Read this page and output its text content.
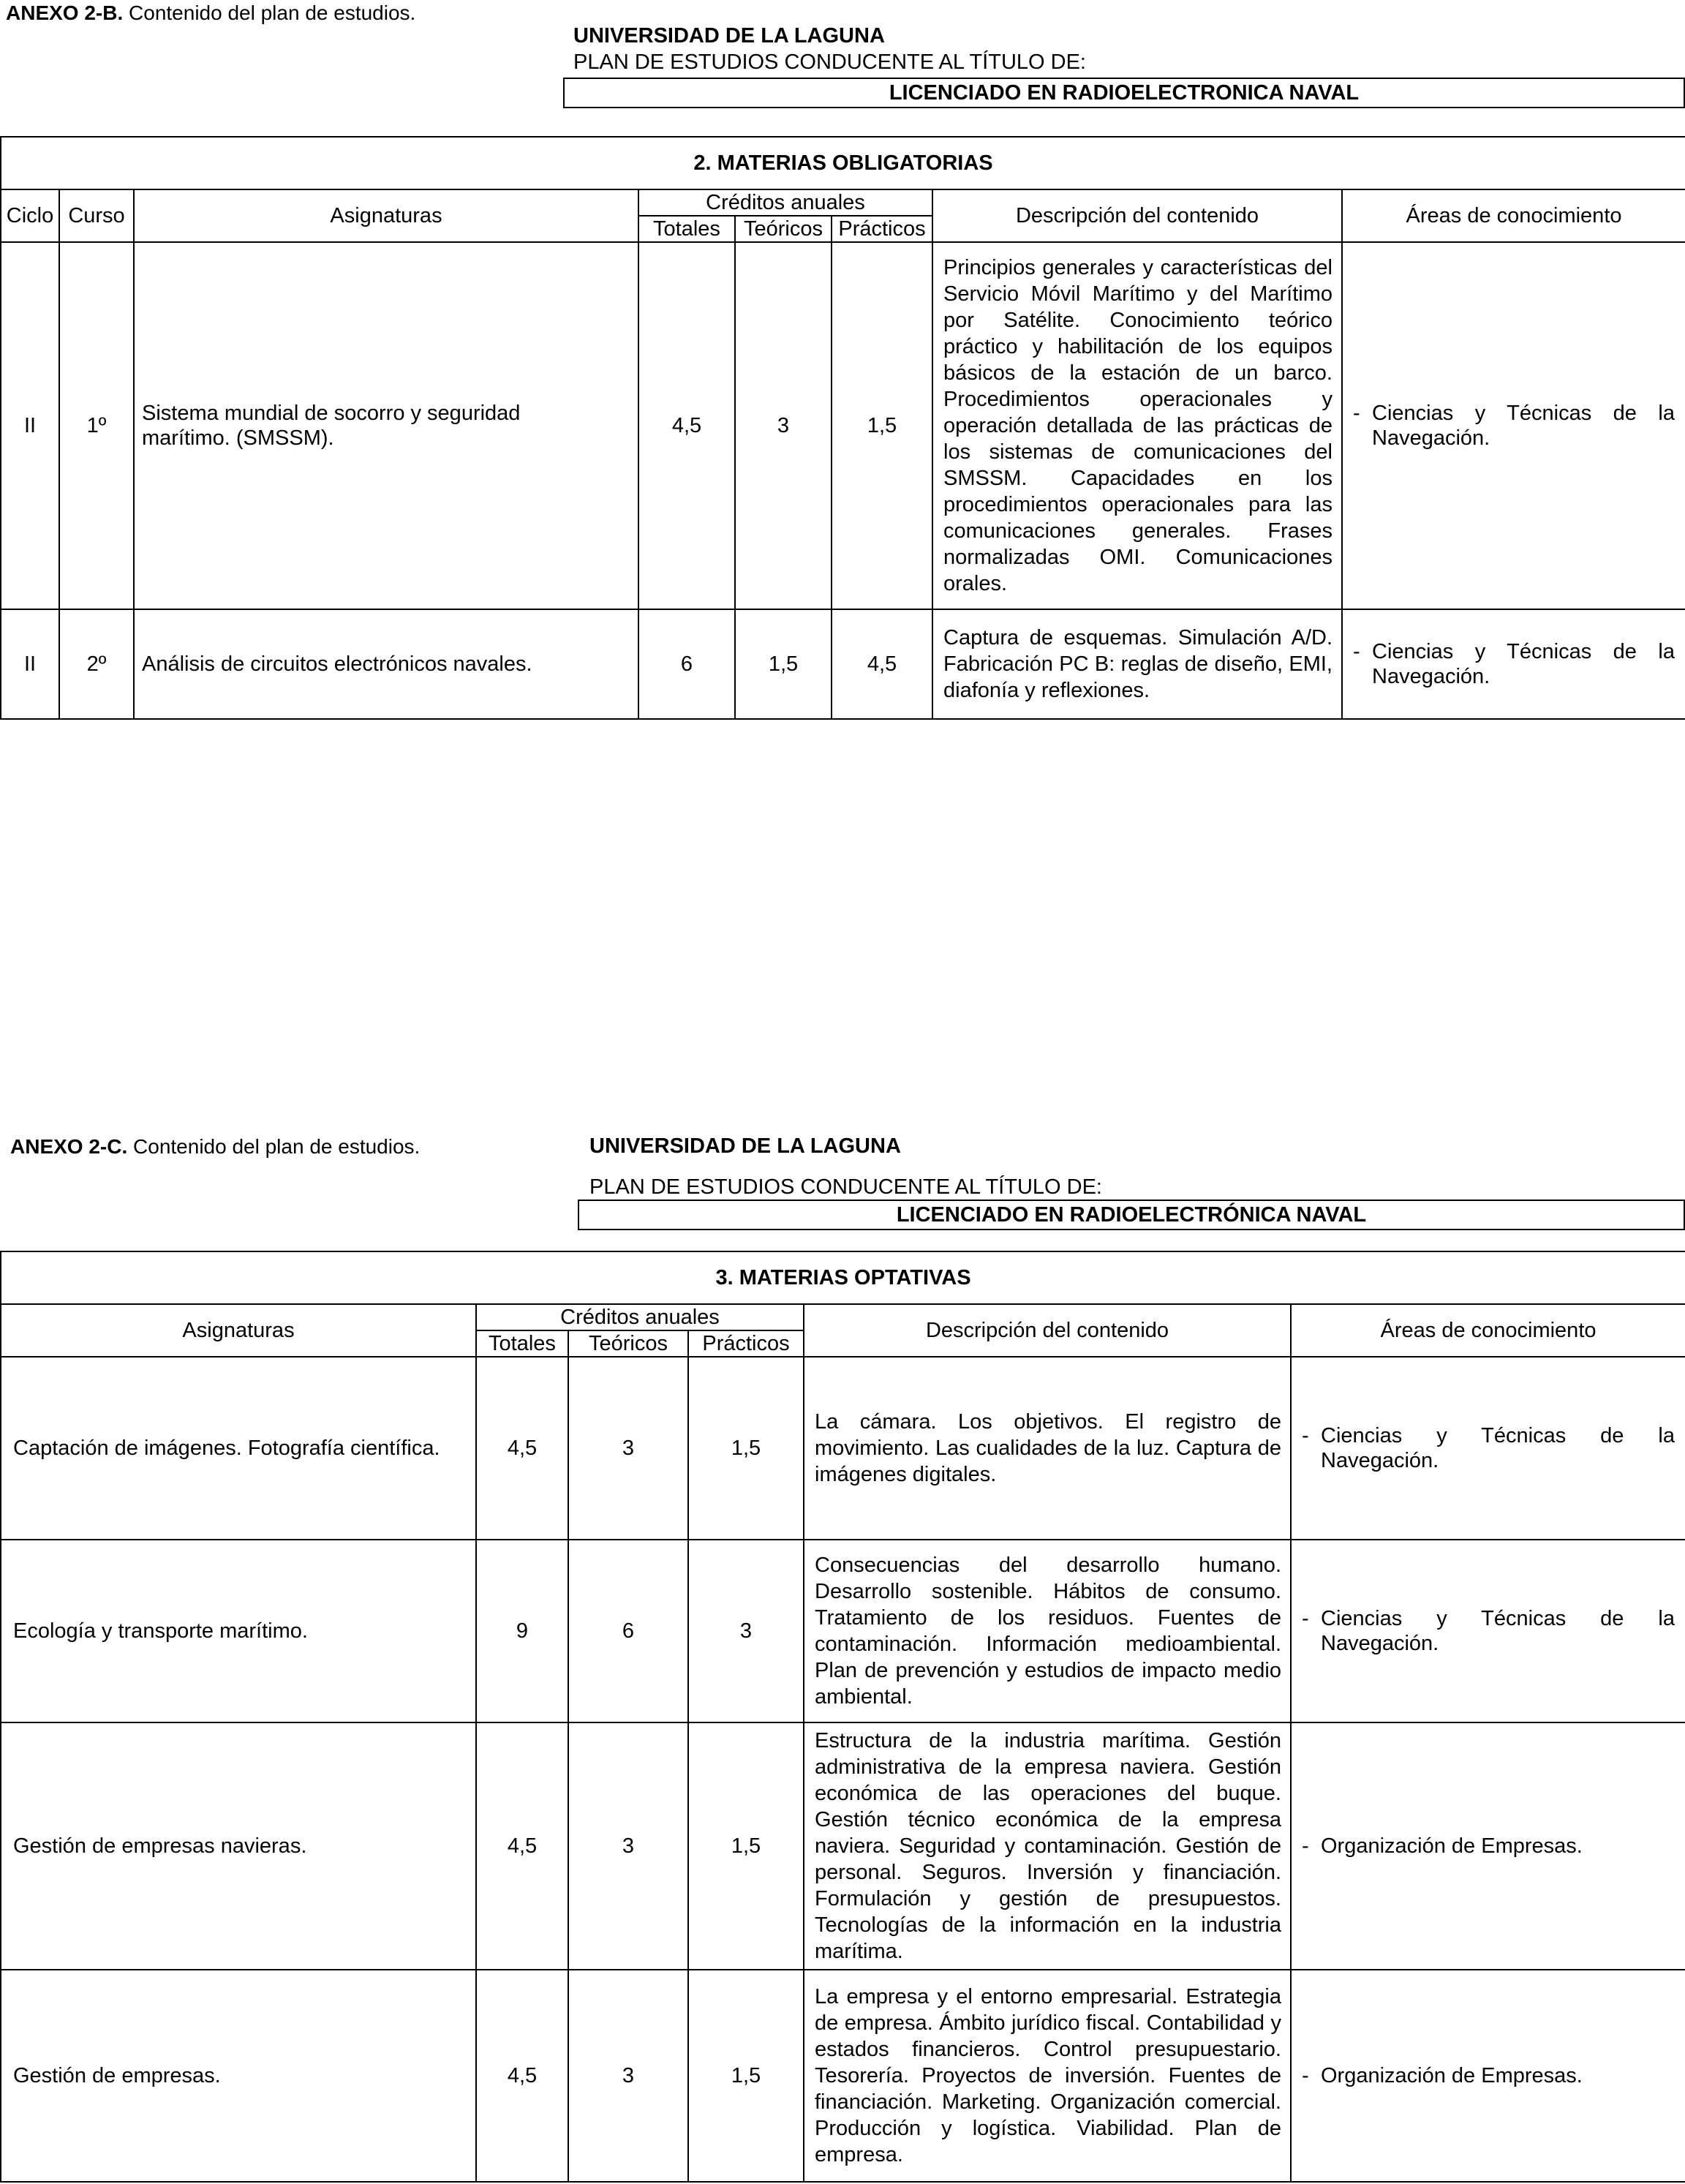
ANEXO 2-B. Contenido del plan de estudios.
UNIVERSIDAD DE LA LAGUNA
PLAN DE ESTUDIOS CONDUCENTE AL TÍTULO DE:
LICENCIADO EN RADIOELECTRONICA NAVAL
2. MATERIAS OBLIGATORIAS							
Ciclo	Curso	Asignaturas	Créditos anuales			Descripción del contenido	Áreas de conocimiento
			Totales	Teóricos	Prácticos		
II	1º	Sistema mundial de socorro y seguridad marítimo. (SMSSM).	4,5	3	1,5	Principios generales y características del Servicio Móvil Marítimo y del Marítimo por Satélite. Conocimiento teórico práctico y habilitación de los equipos básicos de la estación de un barco. Procedimientos operacionales y operación detallada de las prácticas de los sistemas de comunicaciones del SMSSM. Capacidades en los procedimientos operacionales para las comunicaciones generales. Frases normalizadas OMI. Comunicaciones orales.	- Ciencias y Técnicas de la Navegación.

II	2º	Análisis de circuitos electrónicos navales.	6	1,5	4,5	Captura de esquemas. Simulación A/D. Fabricación PC B: reglas de diseño, EMI, diafonía y reflexiones.	- Ciencias y Técnicas de la Navegación.
ANEXO 2-C. Contenido del plan de estudios.	UNIVERSIDAD DE LA LAGUNA
PLAN DE ESTUDIOS CONDUCENTE AL TÍTULO DE:
LICENCIADO EN RADIOELECTRÓNICA NAVAL
3. MATERIAS OPTATIVAS					
Asignaturas	Créditos anuales			Descripción del contenido	Áreas de conocimiento
	Totales	Teóricos	Prácticos		
Captación de imágenes. Fotografía científica.	4,5	3	1,5	La cámara. Los objetivos. El registro de movimiento. Las cualidades de la luz. Captura de imágenes digitales.	- Ciencias y Técnicas de la Navegación.

Ecología y transporte marítimo.	9	6	3	Consecuencias del desarrollo humano. Desarrollo sostenible. Hábitos de consumo. Tratamiento de los residuos. Fuentes de contaminación. Información medioambiental. Plan de prevención y estudios de impacto medio ambiental.	- Ciencias y Técnicas de la Navegación.

Gestión de empresas navieras.	4,5	3	1,5	Estructura de la industria marítima. Gestión administrativa de la empresa naviera. Gestión económica de las operaciones del buque. Gestión técnico económica de la empresa naviera. Seguridad y contaminación. Gestión de personal. Seguros. Inversión y financiación. Formulación y gestión de presupuestos. Tecnologías de la información en la industria marítima.	- Organización de Empresas.

Gestión de empresas.	4,5	3	1,5	La empresa y el entorno empresarial. Estrategia de empresa. Ámbito jurídico fiscal. Contabilidad y estados financieros. Control presupuestario. Tesorería. Proyectos de inversión. Fuentes de financiación. Marketing. Organización comercial. Producción y logística. Viabilidad. Plan de empresa.	- Organización de Empresas.
